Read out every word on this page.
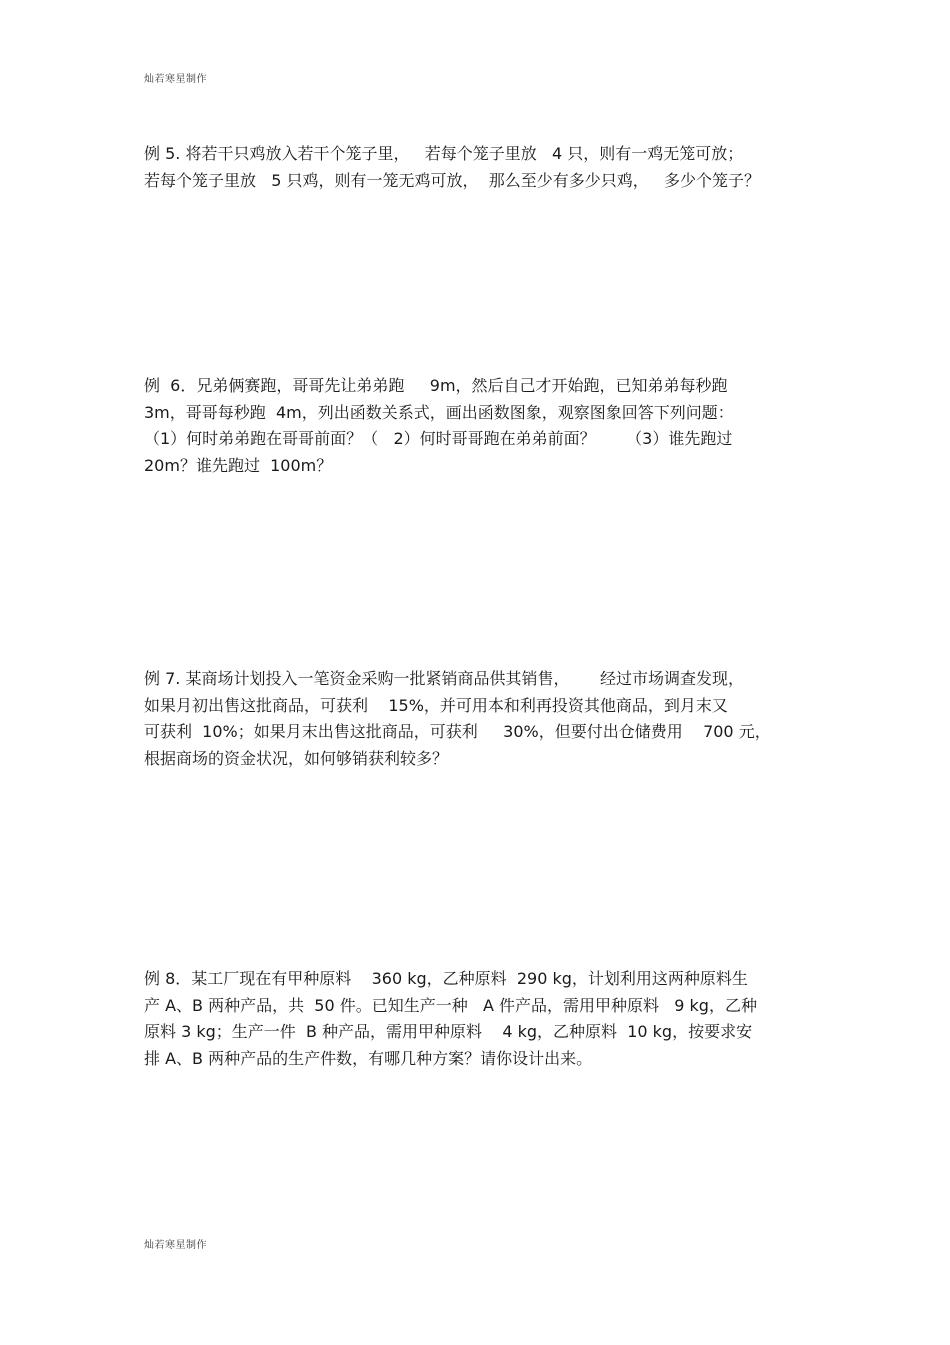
灿若寒星制作
例 5. 将若干只鸡放入若干个笼子里，   若每个笼子里放   4 只，则有一鸡无笼可放；
若每个笼子里放   5 只鸡，则有一笼无鸡可放，  那么至少有多少只鸡，   多少个笼子？
例  6．兄弟俩赛跑，哥哥先让弟弟跑     9m，然后自己才开始跑，已知弟弟每秒跑
3m，哥哥每秒跑  4m，列出函数关系式，画出函数图象，观察图象回答下列问题：
（1）何时弟弟跑在哥哥前面？（   2）何时哥哥跑在弟弟前面？      （3）谁先跑过
20m？谁先跑过  100m？
例 7. 某商场计划投入一笔资金采购一批紧销商品供其销售，      经过市场调查发现，
如果月初出售这批商品，可获利    15%，并可用本和利再投资其他商品，到月末又
可获利  10%；如果月末出售这批商品，可获利     30%，但要付出仓储费用    700 元，
根据商场的资金状况，如何够销获利较多？
例 8．某工厂现在有甲种原料    360 kg，乙种原料  290 kg，计划利用这两种原料生
产 A、B 两种产品，共  50 件。已知生产一种   A 件产品，需用甲种原料   9 kg，乙种
原料 3 kg；生产一件  B 种产品，需用甲种原料    4 kg，乙种原料  10 kg，按要求安
排 A、B 两种产品的生产件数，有哪几种方案？请你设计出来。
灿若寒星制作
